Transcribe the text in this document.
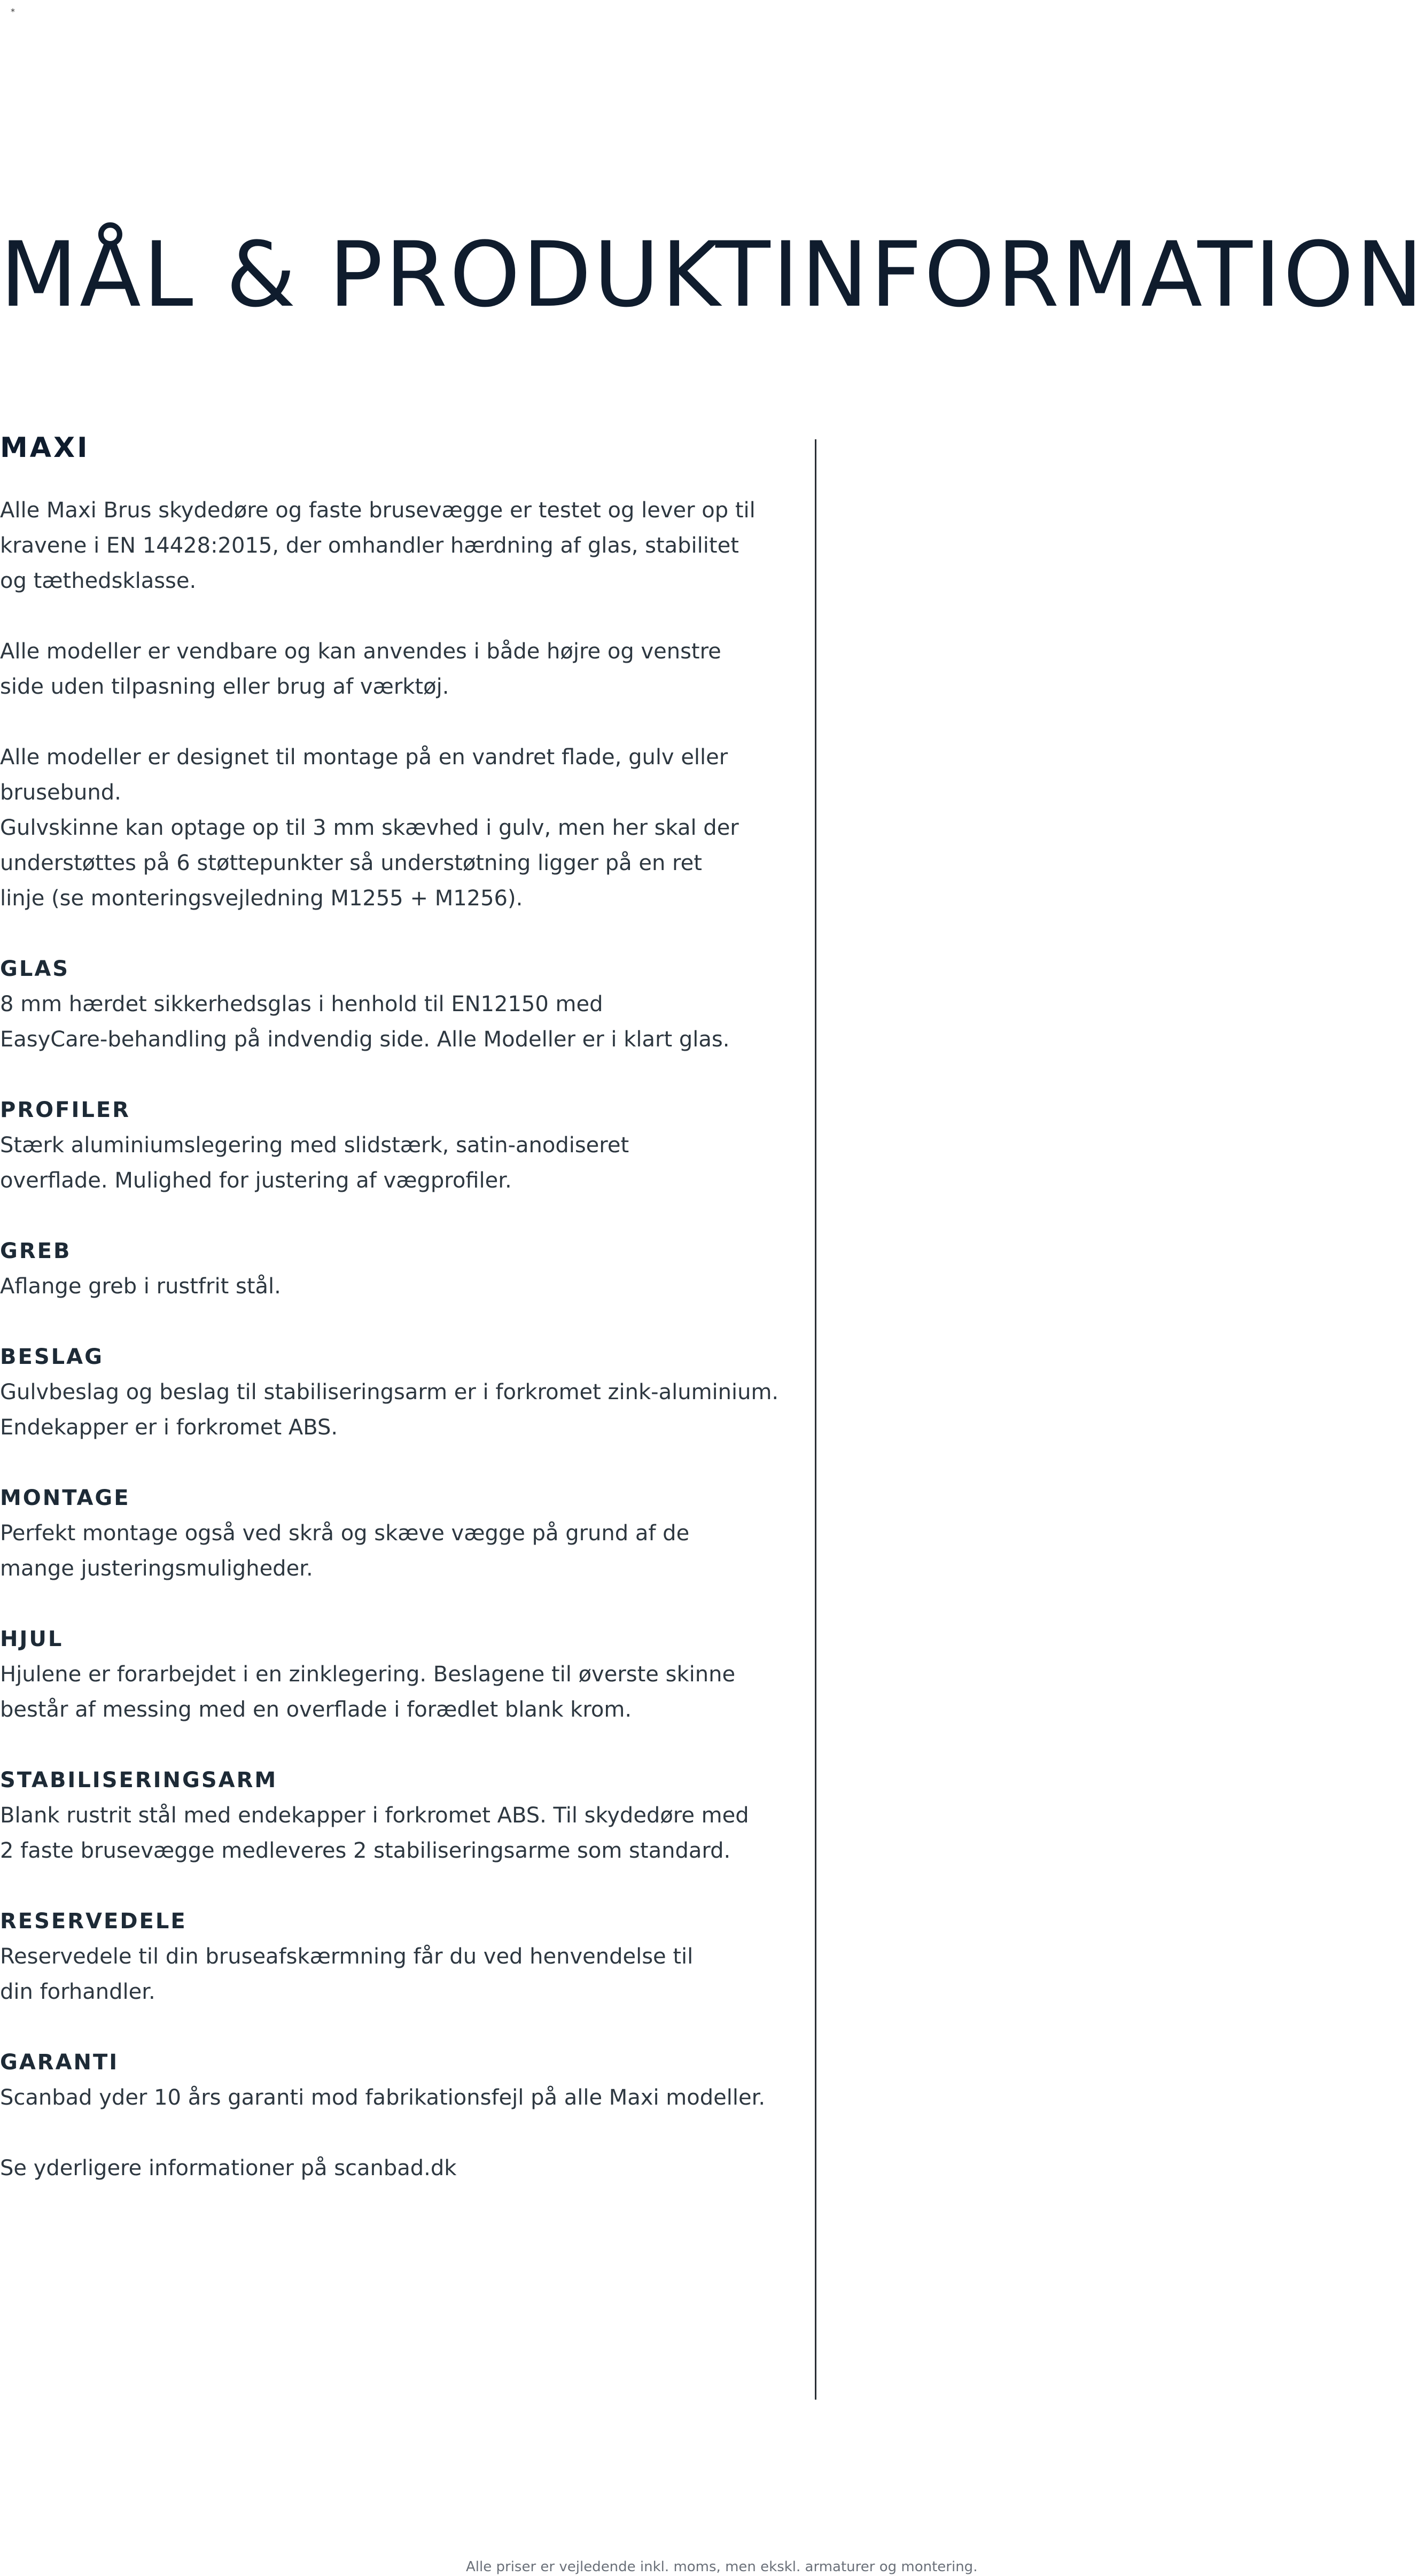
*
MÅL & PRODUKTINFORMATION
MAXI
Alle Maxi Brus skydedøre og faste brusevægge er testet og lever op til
kravene i EN 14428:2015, der omhandler hærdning af glas, stabilitet
og tæthedsklasse.
Alle modeller er vendbare og kan anvendes i både højre og venstre
side uden tilpasning eller brug af værktøj.
Alle modeller er designet til montage på en vandret flade, gulv eller
brusebund.
Gulvskinne kan optage op til 3 mm skævhed i gulv, men her skal der
understøttes på 6 støttepunkter så understøtning ligger på en ret
linje (se monteringsvejledning M1255 + M1256).
GLAS
8 mm hærdet sikkerhedsglas i henhold til EN12150 med
EasyCare-behandling på indvendig side. Alle Modeller er i klart glas.
PROFILER
Stærk aluminiumslegering med slidstærk, satin-anodiseret
overflade. Mulighed for justering af vægprofiler.
GREB
Aflange greb i rustfrit stål.
BESLAG
Gulvbeslag og beslag til stabiliseringsarm er i forkromet zink-aluminium.
Endekapper er i forkromet ABS.
MONTAGE
Perfekt montage også ved skrå og skæve vægge på grund af de
mange justeringsmuligheder.
HJUL
Hjulene er forarbejdet i en zinklegering. Beslagene til øverste skinne
består af messing med en overflade i forædlet blank krom.
STABILISERINGSARM
Blank rustrit stål med endekapper i forkromet ABS. Til skydedøre med
2 faste brusevægge medleveres 2 stabiliseringsarme som standard.
RESERVEDELE
Reservedele til din bruseafskærmning får du ved henvendelse til
din forhandler.
GARANTI
Scanbad yder 10 års garanti mod fabrikationsfejl på alle Maxi modeller.
Se yderligere informationer på scanbad.dk
Alle priser er vejledende inkl. moms, men ekskl. armaturer og montering.
